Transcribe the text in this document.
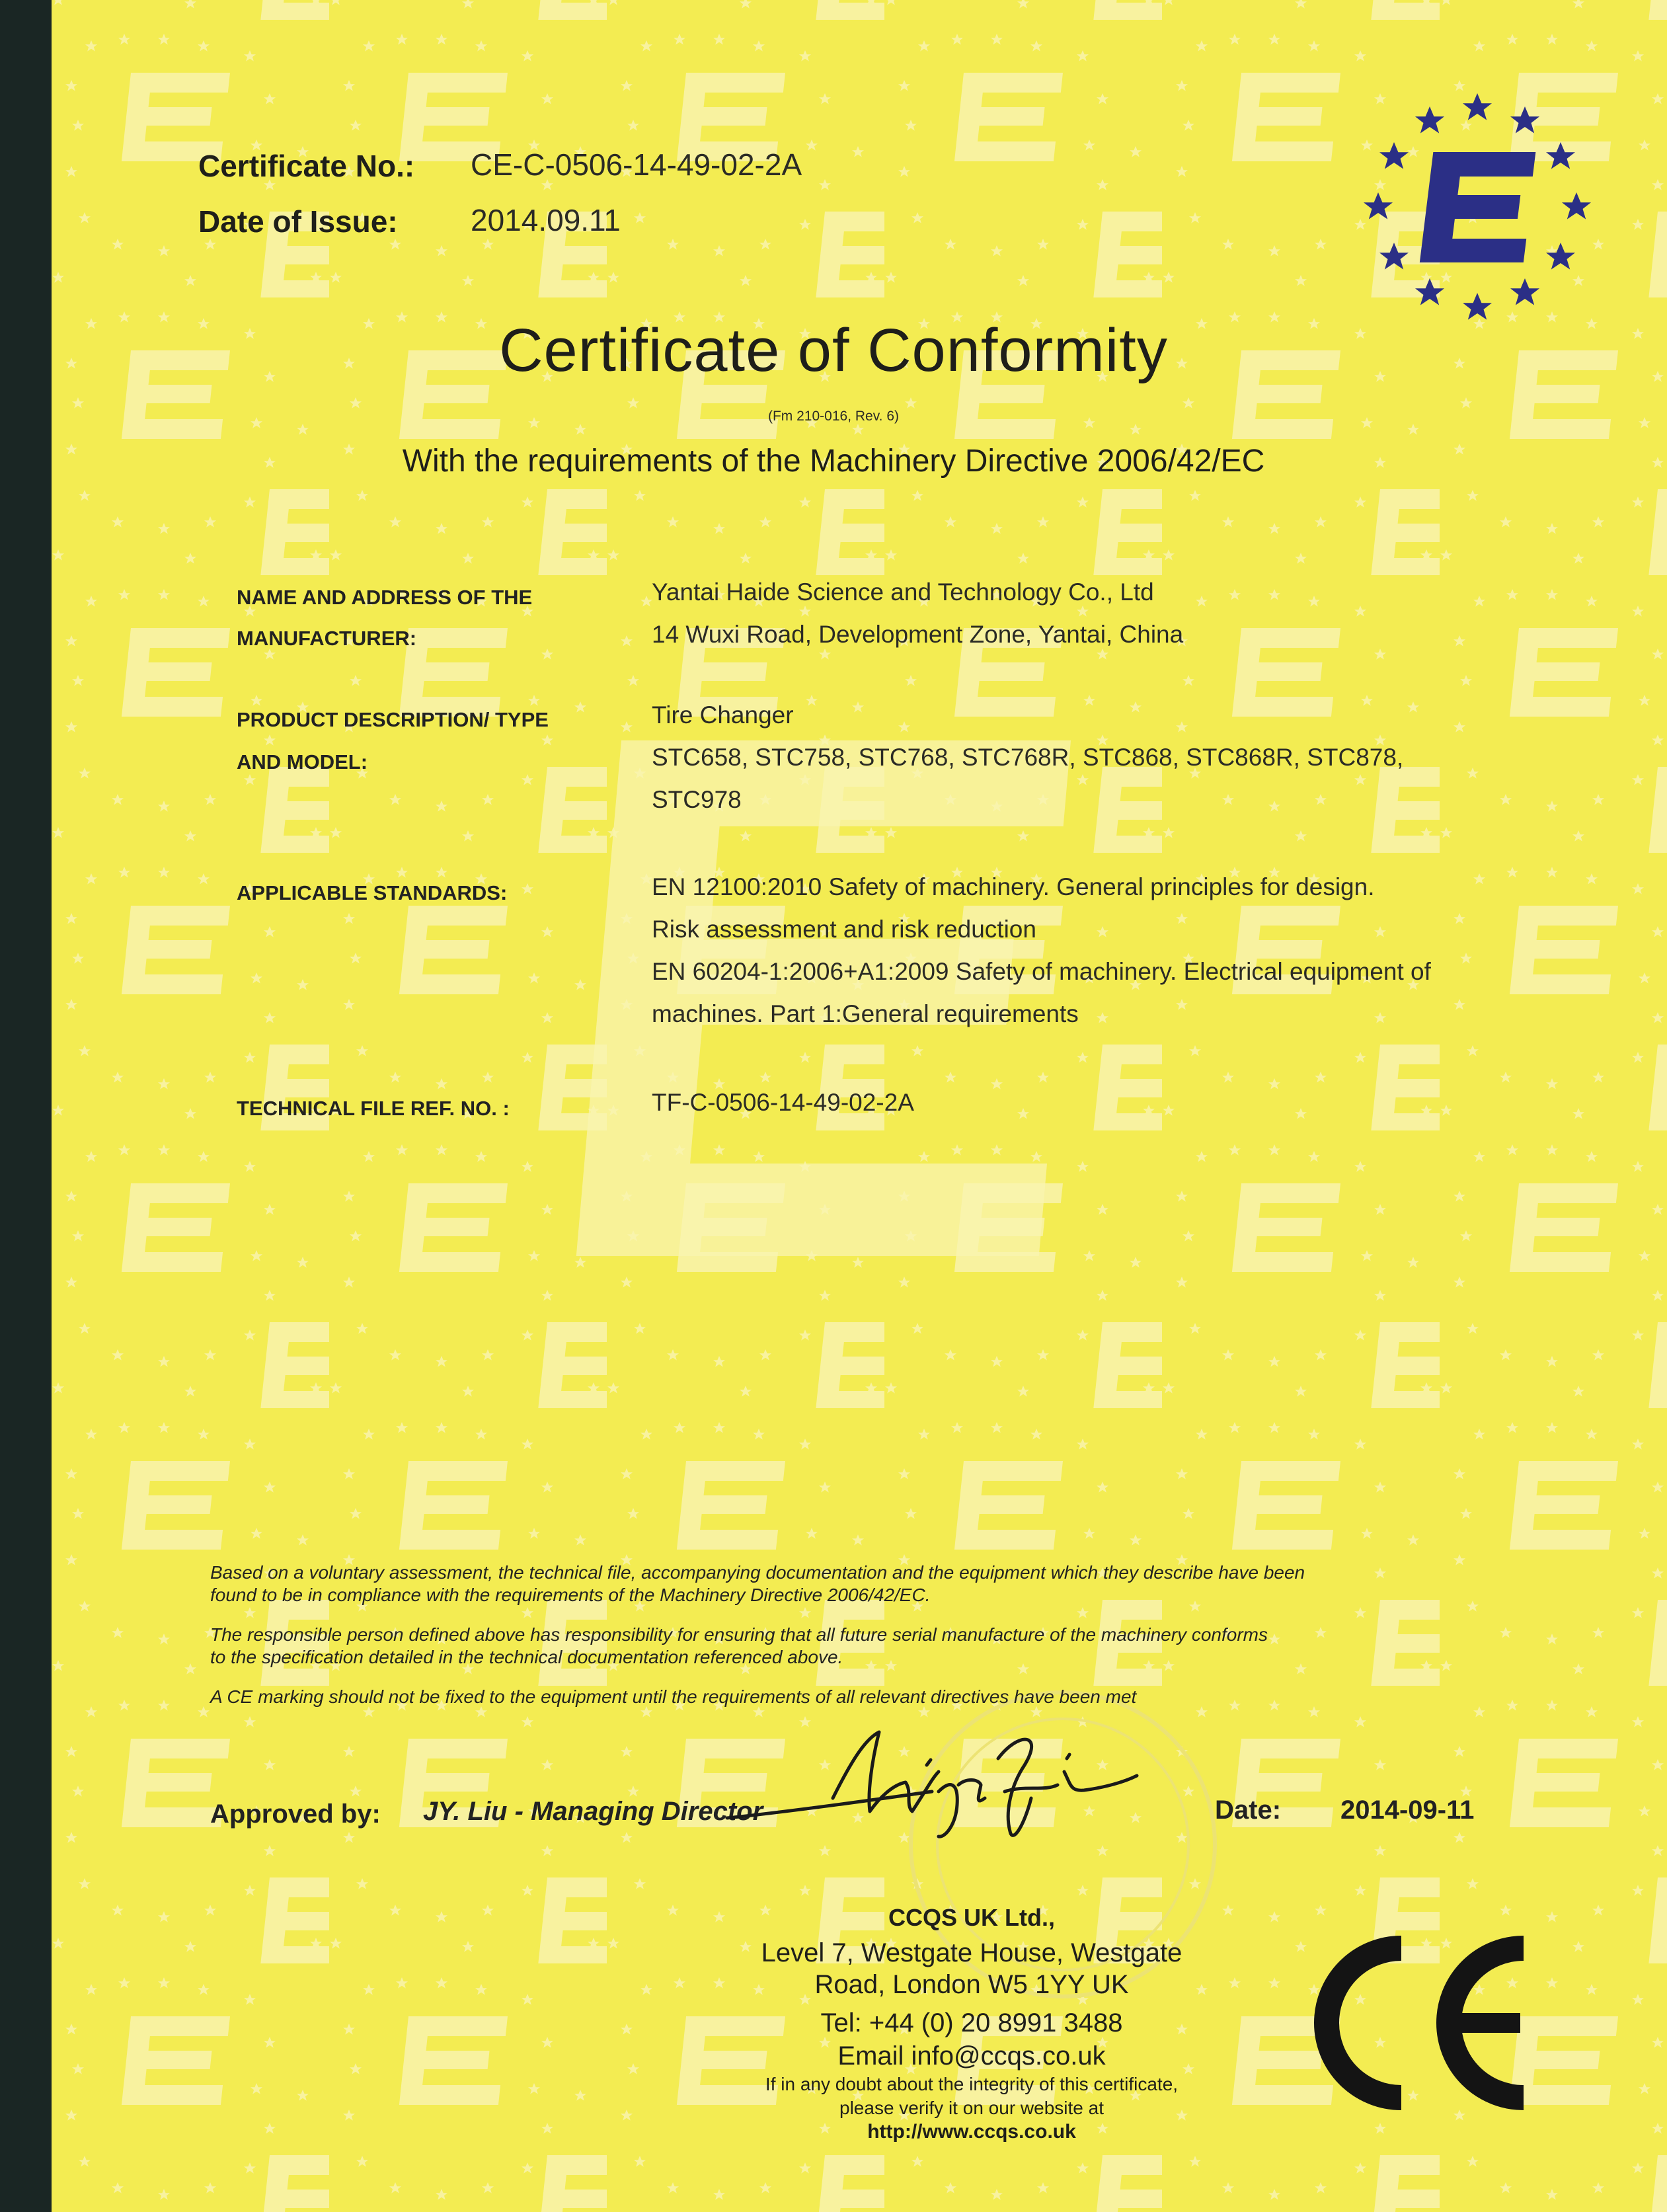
Certificate No.: CE-C-0506-14-49-02-2A

Date of Issue: 2014.09.11

Certificate of Conformity

(Fm 210-016, Rev. 6)

With the requirements of the Machinery Directive 2006/42/EC

NAME AND ADDRESS OF THE

MANUFACTURER:

Yantai Haide Science and Technology Co., Ltd

14 Wuxi Road, Development Zone, Yantai, China

PRODUCT DESCRIPTION/ TYPE

AND MODEL:

Tire Changer

STC658, STC758, STC768, STC768R, STC868, STC868R, STC878,

STC978

APPLICABLE STANDARDS:	EN 12100:2010 Safety of machinery. General principles for design.

Risk assessment and risk reduction

EN 60204-1:2006+A1:2009 Safety of machinery. Electrical equipment of

machines. Part 1:General requirements

TECHNICAL FILE REF. NO. :	TF-C-0506-14-49-02-2A

Based on a voluntary assessment, the technical file, accompanying documentation and the equipment which they describe have been

found to be in compliance with the requirements of the Machinery Directive 2006/42/EC.

The responsible person defined above has responsibility for ensuring that all future serial manufacture of the machinery conforms

to the specification detailed in the technical documentation referenced above.

A CE marking should not be fixed to the equipment until the requirements of all relevant directives have been met

Approved by: JY. Liu - Managing Director	Date: 2014-09-11

CCQS UK Ltd.,

Level 7, Westgate House, Westgate

Road, London W5 1YY UK

Tel: +44 (0) 20 8991 3488

Email info@ccqs.co.uk

If in any doubt about the integrity of this certificate,

please verify it on our website at

http://www.ccqs.co.uk
